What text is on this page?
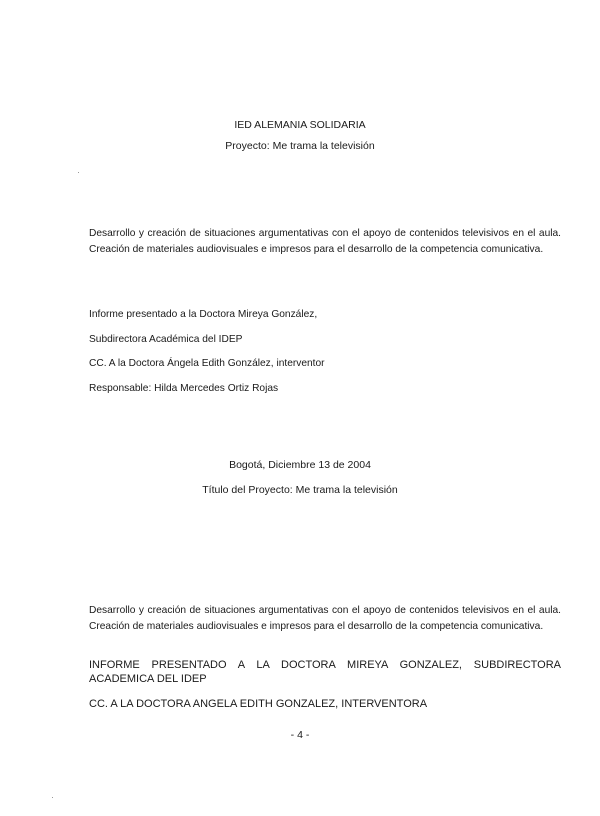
IED ALEMANIA SOLIDARIA
Proyecto: Me trama la televisión
Desarrollo y creación de situaciones argumentativas con el apoyo de contenidos televisivos en el aula. Creación de materiales audiovisuales e impresos para el desarrollo de la competencia comunicativa.
Informe presentado a la Doctora Mireya González,
Subdirectora Académica del IDEP
CC. A la Doctora Ángela Edith González, interventor
Responsable: Hilda Mercedes Ortiz Rojas
Bogotá, Diciembre 13 de 2004
Título del Proyecto: Me trama la televisión
Desarrollo y creación de situaciones argumentativas con el apoyo de contenidos televisivos en el aula. Creación de materiales audiovisuales e impresos para el desarrollo de la competencia comunicativa.
INFORME PRESENTADO A LA DOCTORA MIREYA GONZALEZ, SUBDIRECTORA ACADEMICA DEL IDEP
CC. A LA DOCTORA ANGELA EDITH GONZALEZ, INTERVENTORA
- 4 -
